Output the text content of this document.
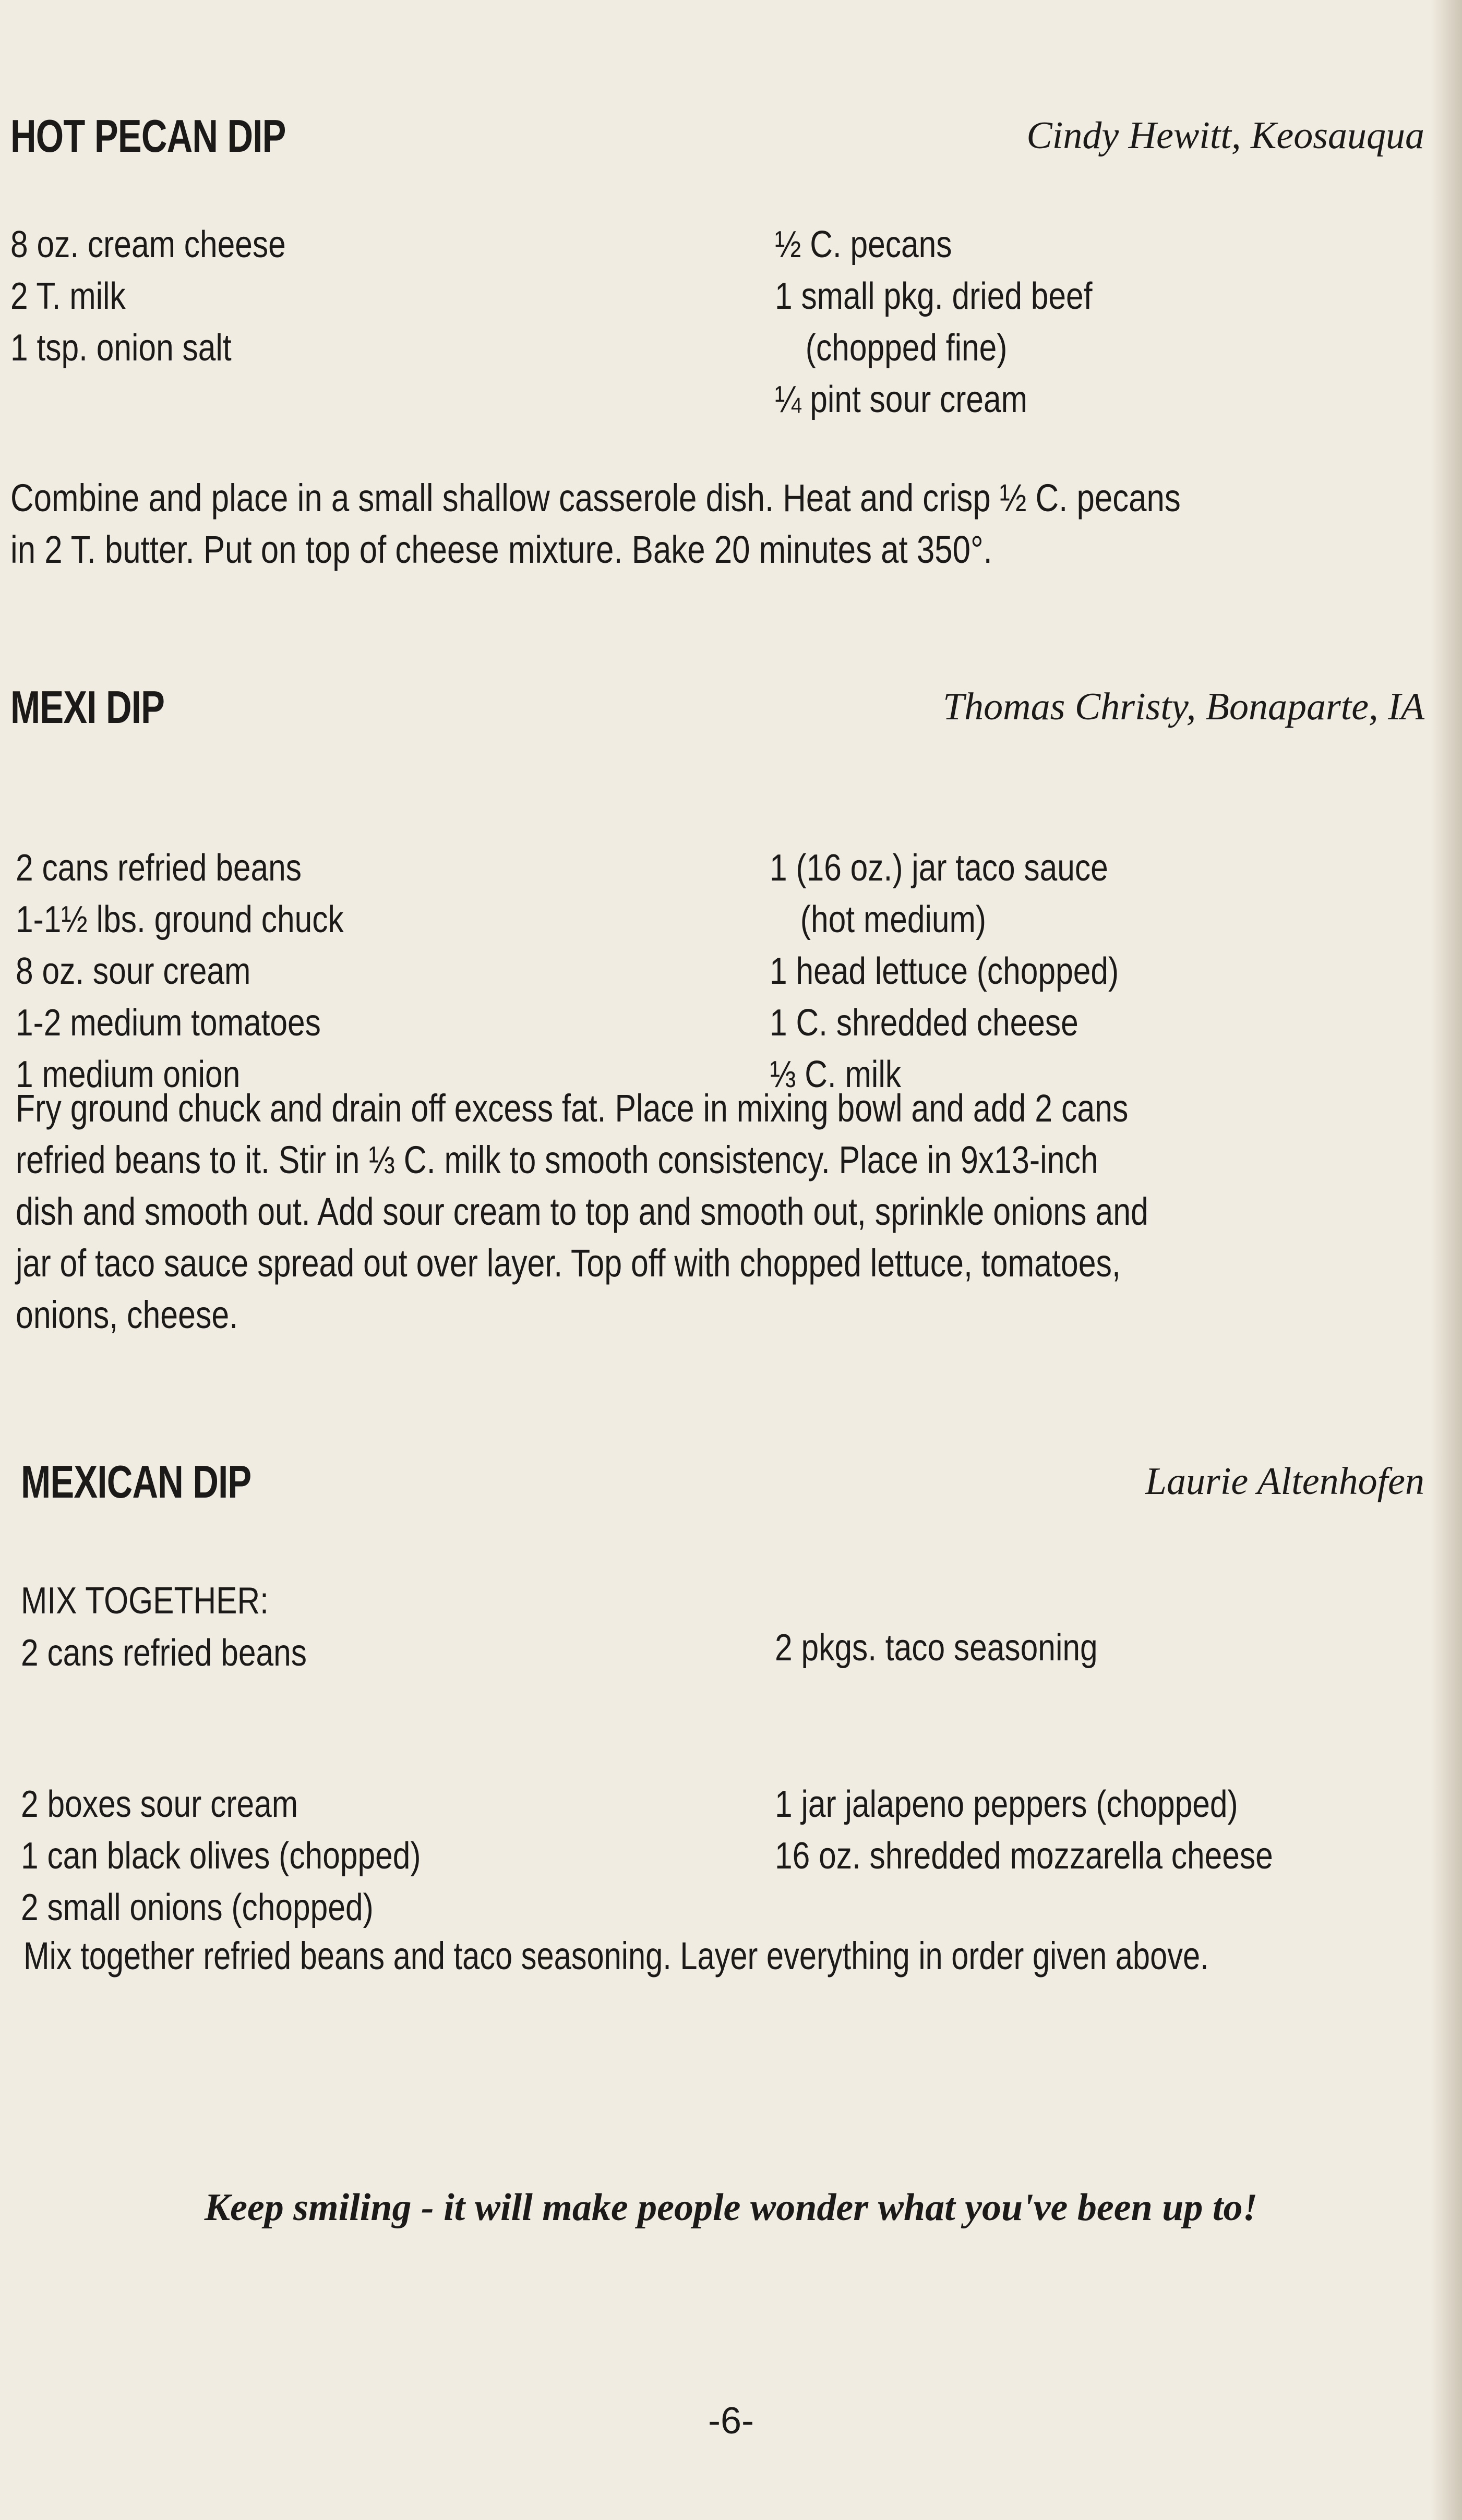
HOT PECAN DIP	Cindy Hewitt, Keosauqua
8 oz. cream cheese
2 T. milk
1 tsp. onion salt
½ C. pecans
1 small pkg. dried beef
(chopped fine)
¼ pint sour cream
Combine and place in a small shallow casserole dish. Heat and crisp ½ C. pecans
in 2 T. butter. Put on top of cheese mixture. Bake 20 minutes at 350°.
MEXI DIP	Thomas Christy, Bonaparte, IA
2 cans refried beans
1-1½ lbs. ground chuck
8 oz. sour cream
1-2 medium tomatoes
1 medium onion
1 (16 oz.) jar taco sauce
(hot medium)
1 head lettuce (chopped)
1 C. shredded cheese
⅓ C. milk
Fry ground chuck and drain off excess fat. Place in mixing bowl and add 2 cans
refried beans to it. Stir in ⅓ C. milk to smooth consistency. Place in 9x13-inch
dish and smooth out. Add sour cream to top and smooth out, sprinkle onions and
jar of taco sauce spread out over layer. Top off with chopped lettuce, tomatoes,
onions, cheese.
MEXICAN DIP	Laurie Altenhofen
MIX TOGETHER:
2 cans refried beans	2 pkgs. taco seasoning
2 boxes sour cream
1 can black olives (chopped)
2 small onions (chopped)
1 jar jalapeno peppers (chopped)
16 oz. shredded mozzarella cheese
Mix together refried beans and taco seasoning. Layer everything in order given above.
Keep smiling - it will make people wonder what you've been up to!
-6-
